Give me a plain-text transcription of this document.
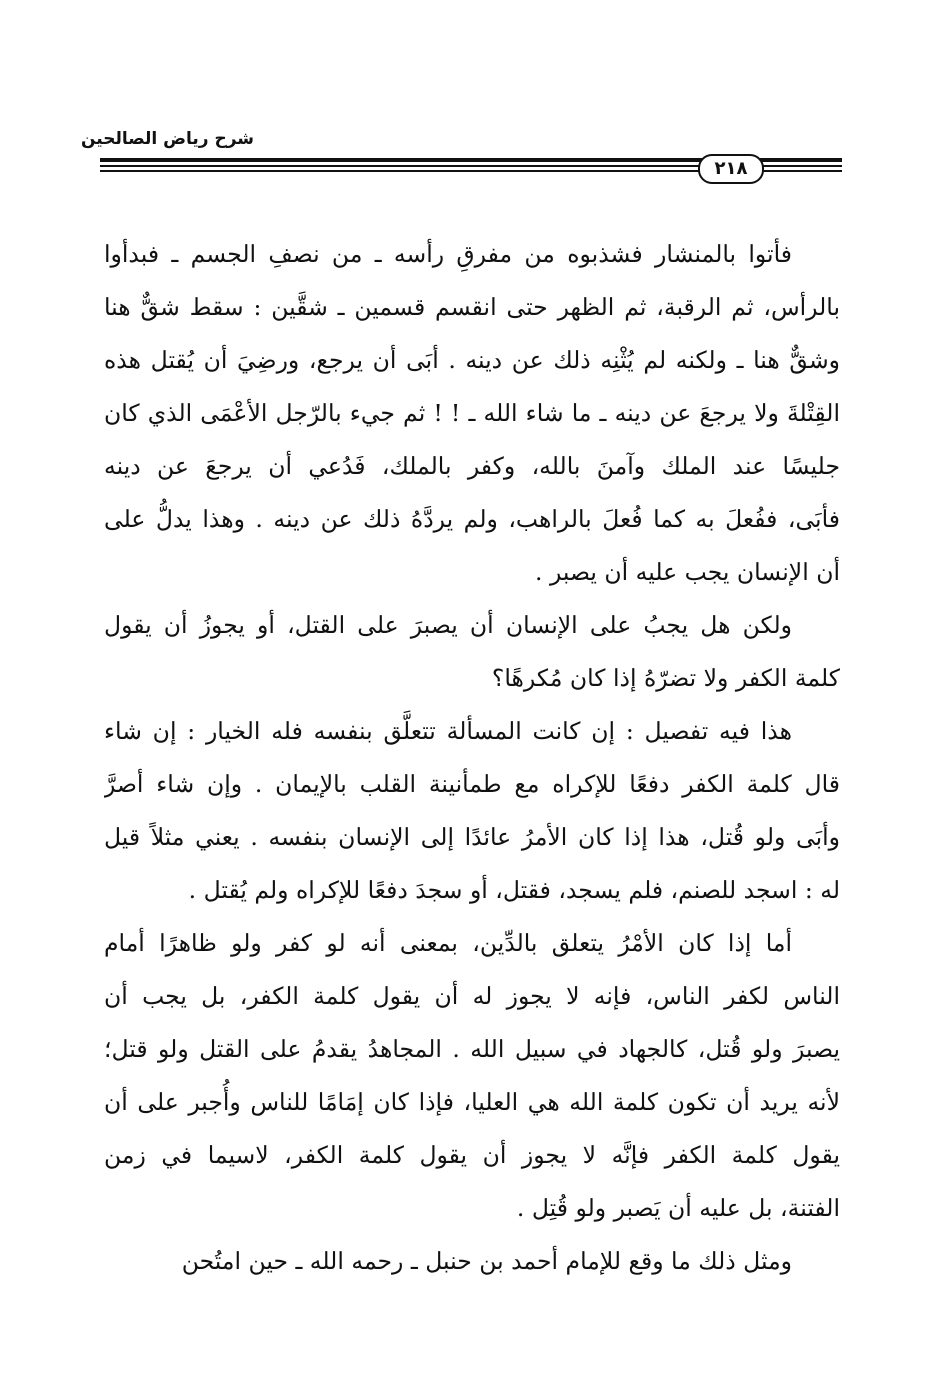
شرح رياض الصالحين
٢١٨
فأتوا بالمنشار فشذبوه من مفرقِ رأسه ـ من نصفِ الجسم ـ فبدأوا
بالرأس، ثم الرقبة، ثم الظهر حتى انقسم قسمين ـ شقَّين : سقط شقٌّ هنا
وشقٌّ هنا ـ ولكنه لم يُثْنِه ذلك عن دينه . أبَى أن يرجع، ورضِيَ أن يُقتل هذه
القِتْلةَ ولا يرجعَ عن دينه ـ ما شاء الله ـ ! ! ثم جيء بالرّجل الأعْمَى الذي كان
جليسًا عند الملك وآمنَ بالله، وكفر بالملك، فَدُعي أن يرجعَ عن دينه
فأبَى، ففُعلَ به كما فُعلَ بالراهب، ولم يردَّهُ ذلك عن دينه . وهذا يدلُّ على
أن الإنسان يجب عليه أن يصبر .
ولكن هل يجبُ على الإنسان أن يصبرَ على القتل، أو يجوزُ أن يقول
كلمة الكفر ولا تضرّهُ إذا كان مُكرهًا؟
هذا فيه تفصيل : إن كانت المسألة تتعلَّق بنفسه فله الخيار : إن شاء
قال كلمة الكفر دفعًا للإكراه مع طمأنينة القلب بالإيمان . وإن شاء أصرَّ
وأبَى ولو قُتل، هذا إذا كان الأمرُ عائدًا إلى الإنسان بنفسه . يعني مثلاً قيل
له : اسجد للصنم، فلم يسجد، فقتل، أو سجدَ دفعًا للإكراه ولم يُقتل .
أما إذا كان الأمْرُ يتعلق بالدِّين، بمعنى أنه لو كفر ولو ظاهرًا أمام
الناس لكفر الناس، فإنه لا يجوز له أن يقول كلمة الكفر، بل يجب أن
يصبرَ ولو قُتل، كالجهاد في سبيل الله . المجاهدُ يقدمُ على القتل ولو قتل؛
لأنه يريد أن تكون كلمة الله هي العليا، فإذا كان إمَامًا للناس وأُجبر على أن
يقول كلمة الكفر فإنَّه لا يجوز أن يقول كلمة الكفر، لاسيما في زمن
الفتنة، بل عليه أن يَصبر ولو قُتِل .
ومثل ذلك ما وقع للإمام أحمد بن حنبل ـ رحمه الله ـ حين امتُحن
